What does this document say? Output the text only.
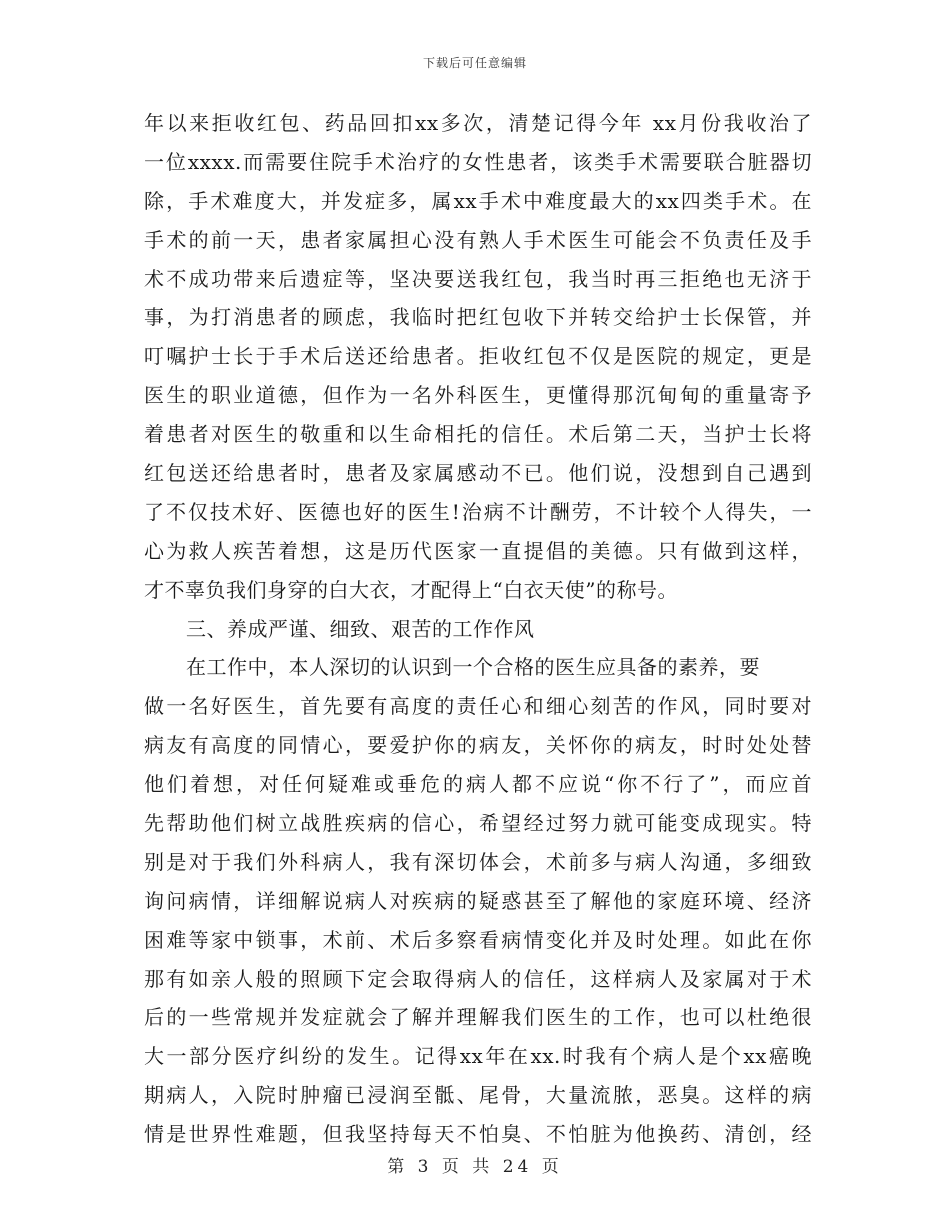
下载后可任意编辑
年以来拒收红包、药品回扣xx多次，清楚记得今年 xx月份我收治了
一位xxxx.而需要住院手术治疗的女性患者，该类手术需要联合脏器切
除，手术难度大，并发症多，属xx手术中难度最大的xx四类手术。在
手术的前一天，患者家属担心没有熟人手术医生可能会不负责任及手
术不成功带来后遗症等，坚决要送我红包，我当时再三拒绝也无济于
事，为打消患者的顾虑，我临时把红包收下并转交给护士长保管，并
叮嘱护士长于手术后送还给患者。拒收红包不仅是医院的规定，更是
医生的职业道德，但作为一名外科医生，更懂得那沉甸甸的重量寄予
着患者对医生的敬重和以生命相托的信任。术后第二天，当护士长将
红包送还给患者时，患者及家属感动不已。他们说，没想到自己遇到
了不仅技术好、医德也好的医生!治病不计酬劳，不计较个人得失，一
心为救人疾苦着想，这是历代医家一直提倡的美德。只有做到这样，
才不辜负我们身穿的白大衣，才配得上“白衣天使”的称号。
三、养成严谨、细致、艰苦的工作作风
在工作中，本人深切的认识到一个合格的医生应具备的素养，要
做一名好医生，首先要有高度的责任心和细心刻苦的作风，同时要对
病友有高度的同情心，要爱护你的病友，关怀你的病友，时时处处替
他们着想，对任何疑难或垂危的病人都不应说“你不行了”，而应首
先帮助他们树立战胜疾病的信心，希望经过努力就可能变成现实。特
别是对于我们外科病人，我有深切体会，术前多与病人沟通，多细致
询问病情，详细解说病人对疾病的疑惑甚至了解他的家庭环境、经济
困难等家中锁事，术前、术后多察看病情变化并及时处理。如此在你
那有如亲人般的照顾下定会取得病人的信任，这样病人及家属对于术
后的一些常规并发症就会了解并理解我们医生的工作，也可以杜绝很
大一部分医疗纠纷的发生。记得xx年在xx.时我有个病人是个xx癌晚
期病人，入院时肿瘤已浸润至骶、尾骨，大量流脓，恶臭。这样的病
情是世界性难题，但我坚持每天不怕臭、不怕脏为他换药、清创，经
第 3 页 共 24 页
